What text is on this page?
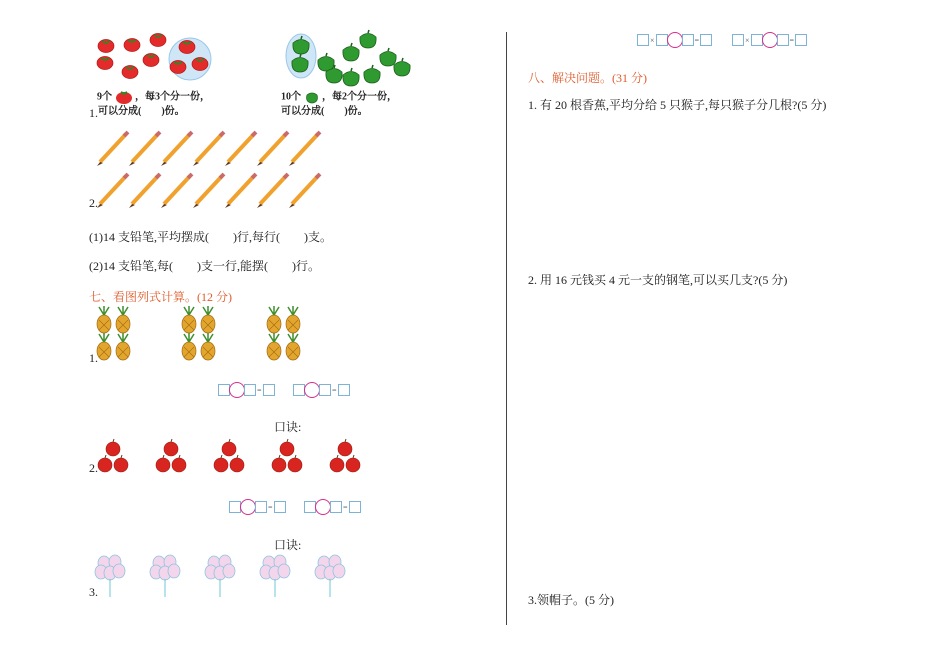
9个 ，每3个分一份，
1. 可以分成(　　)份。
10个 ，每2个分一份，
可以分成(　　)份。
2.
(1)14 支铅笔,平均摆成(　　)行,每行(　　)支。
(2)14 支铅笔,每(　　)支一行,能摆(　　)行。
七、看图列式计算。(12 分)
1.
=	=
口诀:
2.
=	=
口诀:
3.
×	=	×	=
八、解决问题。(31 分)
1. 有 20 根香蕉,平均分给 5 只猴子,每只猴子分几根?(5 分)
2. 用 16 元钱买 4 元一支的钢笔,可以买几支?(5 分)
3.领帽子。(5 分)
